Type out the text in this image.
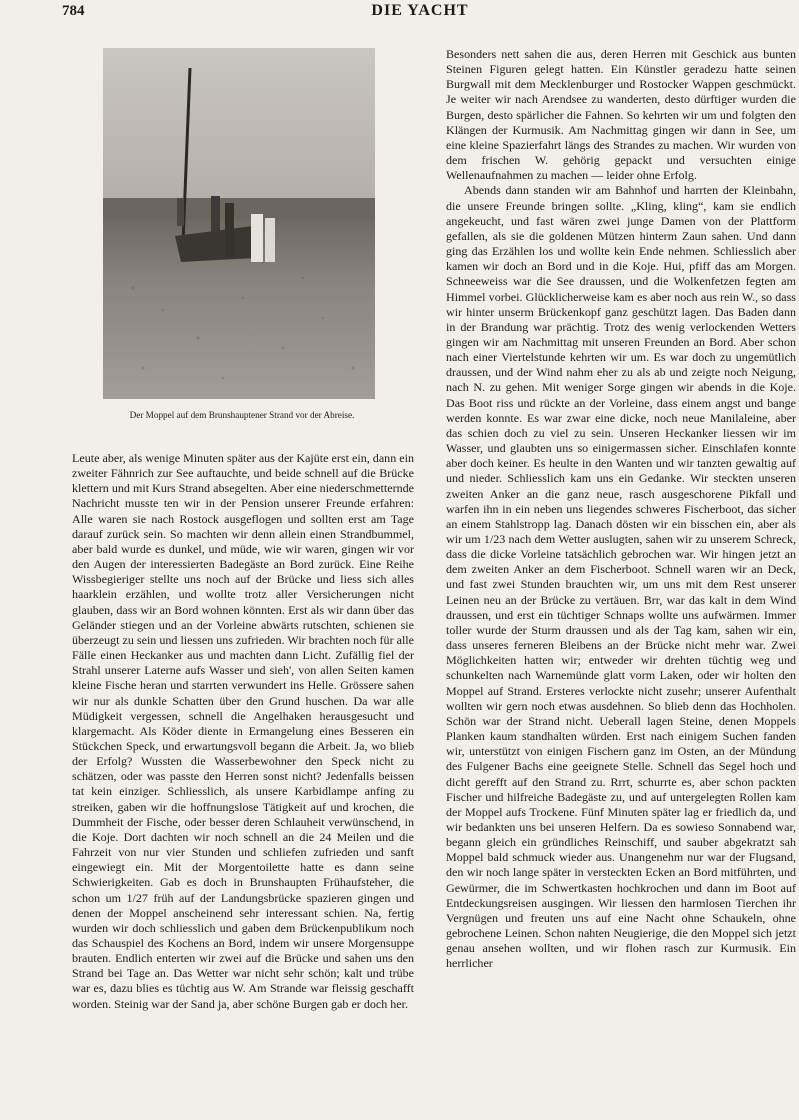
784	DIE YACHT
Der Moppel auf dem Brunshauptener Strand vor der Abreise.

Leute aber, als wenige Minuten später aus der Kajüte erst ein, dann ein zweiter Fähnrich zur See auftauchte, und beide schnell auf die Brücke klettern und mit Kurs Strand absegelten. Aber eine niederschmetternde Nachricht musste ten wir in der Pension unserer Freunde erfahren: Alle waren sie nach Rostock ausgeflogen und sollten erst am Tage darauf zurück sein. So machten wir denn allein einen Strandbummel, aber bald wurde es dunkel, und müde, wie wir waren, gingen wir vor den Augen der interessierten Badegäste an Bord zurück. Eine Reihe Wissbegieriger stellte uns noch auf der Brücke und liess sich alles haarklein erzählen, und wollte trotz aller Versicherungen nicht glauben, dass wir an Bord wohnen könnten. Erst als wir dann über das Geländer stiegen und an der Vorleine abwärts rutschten, schienen sie überzeugt zu sein und liessen uns zufrieden. Wir brachten noch für alle Fälle einen Heckanker aus und machten dann Licht. Zufällig fiel der Strahl unserer Laterne aufs Wasser und sieh', von allen Seiten kamen kleine Fische heran und starrten verwundert ins Helle. Grössere sahen wir nur als dunkle Schatten über den Grund huschen. Da war alle Müdigkeit vergessen, schnell die Angelhaken herausgesucht und klargemacht. Als Köder diente in Ermangelung eines Besseren ein Stückchen Speck, und erwartungsvoll begann die Arbeit. Ja, wo blieb der Erfolg? Wussten die Wasserbewohner den Speck nicht zu schätzen, oder was passte den Herren sonst nicht? Jedenfalls beissen tat kein einziger. Schliesslich, als unsere Karbidlampe anfing zu streiken, gaben wir die hoffnungslose Tätigkeit auf und krochen, die Dummheit der Fische, oder besser deren Schlauheit verwünschend, in die Koje. Dort dachten wir noch schnell an die 24 Meilen und die Fahrzeit von nur vier Stunden und schliefen zufrieden und sanft eingewiegt ein. Mit der Morgentoilette hatte es dann seine Schwierigkeiten. Gab es doch in Brunshaupten Frühaufsteher, die schon um 1/27 früh auf der Landungsbrücke spazieren gingen und denen der Moppel anscheinend sehr interessant schien. Na, fertig wurden wir doch schliesslich und gaben dem Brückenpublikum noch das Schauspiel des Kochens an Bord, indem wir unsere Morgensuppe brauten. Endlich enterten wir zwei auf die Brücke und sahen uns den Strand bei Tage an. Das Wetter war nicht sehr schön; kalt und trübe war es, dazu blies es tüchtig aus W. Am Strande war fleissig geschafft worden. Steinig war der Sand ja, aber schöne Burgen gab er doch her.

Besonders nett sahen die aus, deren Herren mit Geschick aus bunten Steinen Figuren gelegt hatten. Ein Künstler geradezu hatte seinen Burgwall mit dem Mecklenburger und Rostocker Wappen geschmückt. Je weiter wir nach Arendsee zu wanderten, desto dürftiger wurden die Burgen, desto spärlicher die Fahnen. So kehrten wir um und folgten den Klängen der Kurmusik. Am Nachmittag gingen wir dann in See, um eine kleine Spazierfahrt längs des Strandes zu machen. Wir wurden von dem frischen W. gehörig gepackt und versuchten einige Wellenaufnahmen zu machen — leider ohne Erfolg.

Abends dann standen wir am Bahnhof und harrten der Kleinbahn, die unsere Freunde bringen sollte. „Kling, kling“, kam sie endlich angekeucht, und fast wären zwei junge Damen von der Plattform gefallen, als sie die goldenen Mützen hinterm Zaun sahen. Und dann ging das Erzählen los und wollte kein Ende nehmen. Schliesslich aber kamen wir doch an Bord und in die Koje. Hui, pfiff das am Morgen. Schneeweiss war die See draussen, und die Wolkenfetzen fegten am Himmel vorbei. Glücklicherweise kam es aber noch aus rein W., so dass wir hinter unserm Brückenkopf ganz geschützt lagen. Das Baden dann in der Brandung war prächtig. Trotz des wenig verlockenden Wetters gingen wir am Nachmittag mit unseren Freunden an Bord. Aber schon nach einer Viertelstunde kehrten wir um. Es war doch zu ungemütlich draussen, und der Wind nahm eher zu als ab und zeigte noch Neigung, nach N. zu gehen. Mit weniger Sorge gingen wir abends in die Koje. Das Boot riss und rückte an der Vorleine, dass einem angst und bange werden konnte. Es war zwar eine dicke, noch neue Manilaleine, aber das schien doch zu viel zu sein. Unseren Heckanker liessen wir im Wasser, und glaubten uns so einigermassen sicher. Einschlafen konnte aber doch keiner. Es heulte in den Wanten und wir tanzten gewaltig auf und nieder. Schliesslich kam uns ein Gedanke. Wir steckten unseren zweiten Anker an die ganz neue, rasch ausgeschorene Pikfall und warfen ihn in ein neben uns liegendes schweres Fischerboot, das sicher an einem Stahlstropp lag. Danach dösten wir ein bisschen ein, aber als wir um 1/23 nach dem Wetter auslugten, sahen wir zu unserem Schreck, dass die dicke Vorleine tatsächlich gebrochen war. Wir hingen jetzt an dem zweiten Anker an dem Fischerboot. Schnell waren wir an Deck, und fast zwei Stunden brauchten wir, um uns mit dem Rest unserer Leinen neu an der Brücke zu vertäuen. Brr, war das kalt in dem Wind draussen, und erst ein tüchtiger Schnaps wollte uns aufwärmen. Immer toller wurde der Sturm draussen und als der Tag kam, sahen wir ein, dass unseres ferneren Bleibens an der Brücke nicht mehr war. Zwei Möglichkeiten hatten wir; entweder wir drehten tüchtig weg und schunkelten nach Warnemünde glatt vorm Laken, oder wir holten den Moppel auf Strand. Ersteres verlockte nicht zusehr; unserer Aufenthalt wollten wir gern noch etwas ausdehnen. So blieb denn das Hochholen. Schön war der Strand nicht. Ueberall lagen Steine, denen Moppels Planken kaum standhalten würden. Erst nach einigem Suchen fanden wir, unterstützt von einigen Fischern ganz im Osten, an der Mündung des Fulgener Bachs eine geeignete Stelle. Schnell das Segel hoch und dicht gerefft auf den Strand zu. Rrrt, schurrte es, aber schon packten Fischer und hilfreiche Badegäste zu, und auf untergelegten Rollen kam der Moppel aufs Trockene. Fünf Minuten später lag er friedlich da, und wir bedankten uns bei unseren Helfern. Da es sowieso Sonnabend war, begann gleich ein gründliches Reinschiff, und sauber abgekratzt sah Moppel bald schmuck wieder aus. Unangenehm nur war der Flugsand, den wir noch lange später in versteckten Ecken an Bord mitführten, und Gewürmer, die im Schwertkasten hochkrochen und dann im Boot auf Entdeckungsreisen ausgingen. Wir liessen den harmlosen Tierchen ihr Vergnügen und freuten uns auf eine Nacht ohne Schaukeln, ohne gebrochene Leinen. Schon nahten Neugierige, die den Moppel sich jetzt genau ansehen wollten, und wir flohen rasch zur Kurmusik. Ein herrlicher
